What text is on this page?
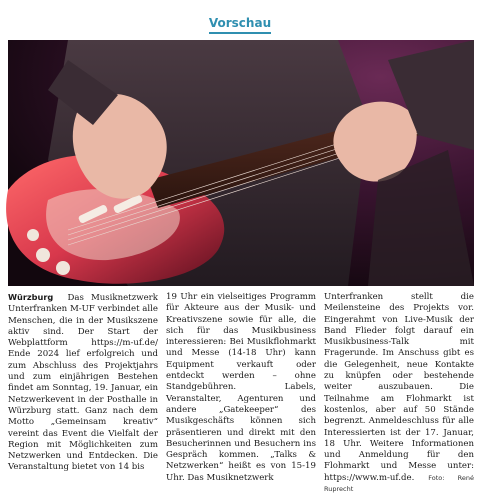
Vorschau

Würzburg Das Musiknetzwerk Unterfranken M-UF verbindet alle Menschen, die in der Musikszene aktiv sind. Der Start der Webplattform https://m-uf.de/ Ende 2024 lief erfolgreich und zum Abschluss des Projektjahrs und zum einjährigen Bestehen findet am Sonntag, 19. Januar, ein Netzwerkevent in der Posthalle in Würzburg statt. Ganz nach dem Motto „Gemeinsam kreativ“ vereint das Event die Vielfalt der Region mit Möglichkeiten zum Netzwerken und Entdecken. Die Veranstaltung bietet von 14 bis

19 Uhr ein vielseitiges Programm für Akteure aus der Musik- und Kreativszene sowie für alle, die sich für das Musikbusiness interessieren: Bei Musikflohmarkt und Messe (14-18 Uhr) kann Equipment verkauft oder entdeckt werden – ohne Standgebühren. Labels, Veranstalter, Agenturen und andere „Gatekeeper“ des Musikgeschäfts können sich präsentieren und direkt mit den Besucherinnen und Besuchern ins Gespräch kommen. „Talks & Netzwerken“ heißt es von 15-19 Uhr. Das Musiknetzwerk

Unterfranken stellt die Meilensteine des Projekts vor. Eingerahmt von Live-Musik der Band Flieder folgt darauf ein Musikbusiness-Talk mit Fragerunde. Im Anschuss gibt es die Gelegenheit, neue Kontakte zu knüpfen oder bestehende weiter auszubauen. Die Teilnahme am Flohmarkt ist kostenlos, aber auf 50 Stände begrenzt. Anmeldeschluss für alle Interessierten ist der 17. Januar, 18 Uhr. Weitere Informationen und Anmeldung für den Flohmarkt und Messe unter: https://www.m-uf.de. Foto: René Ruprecht
